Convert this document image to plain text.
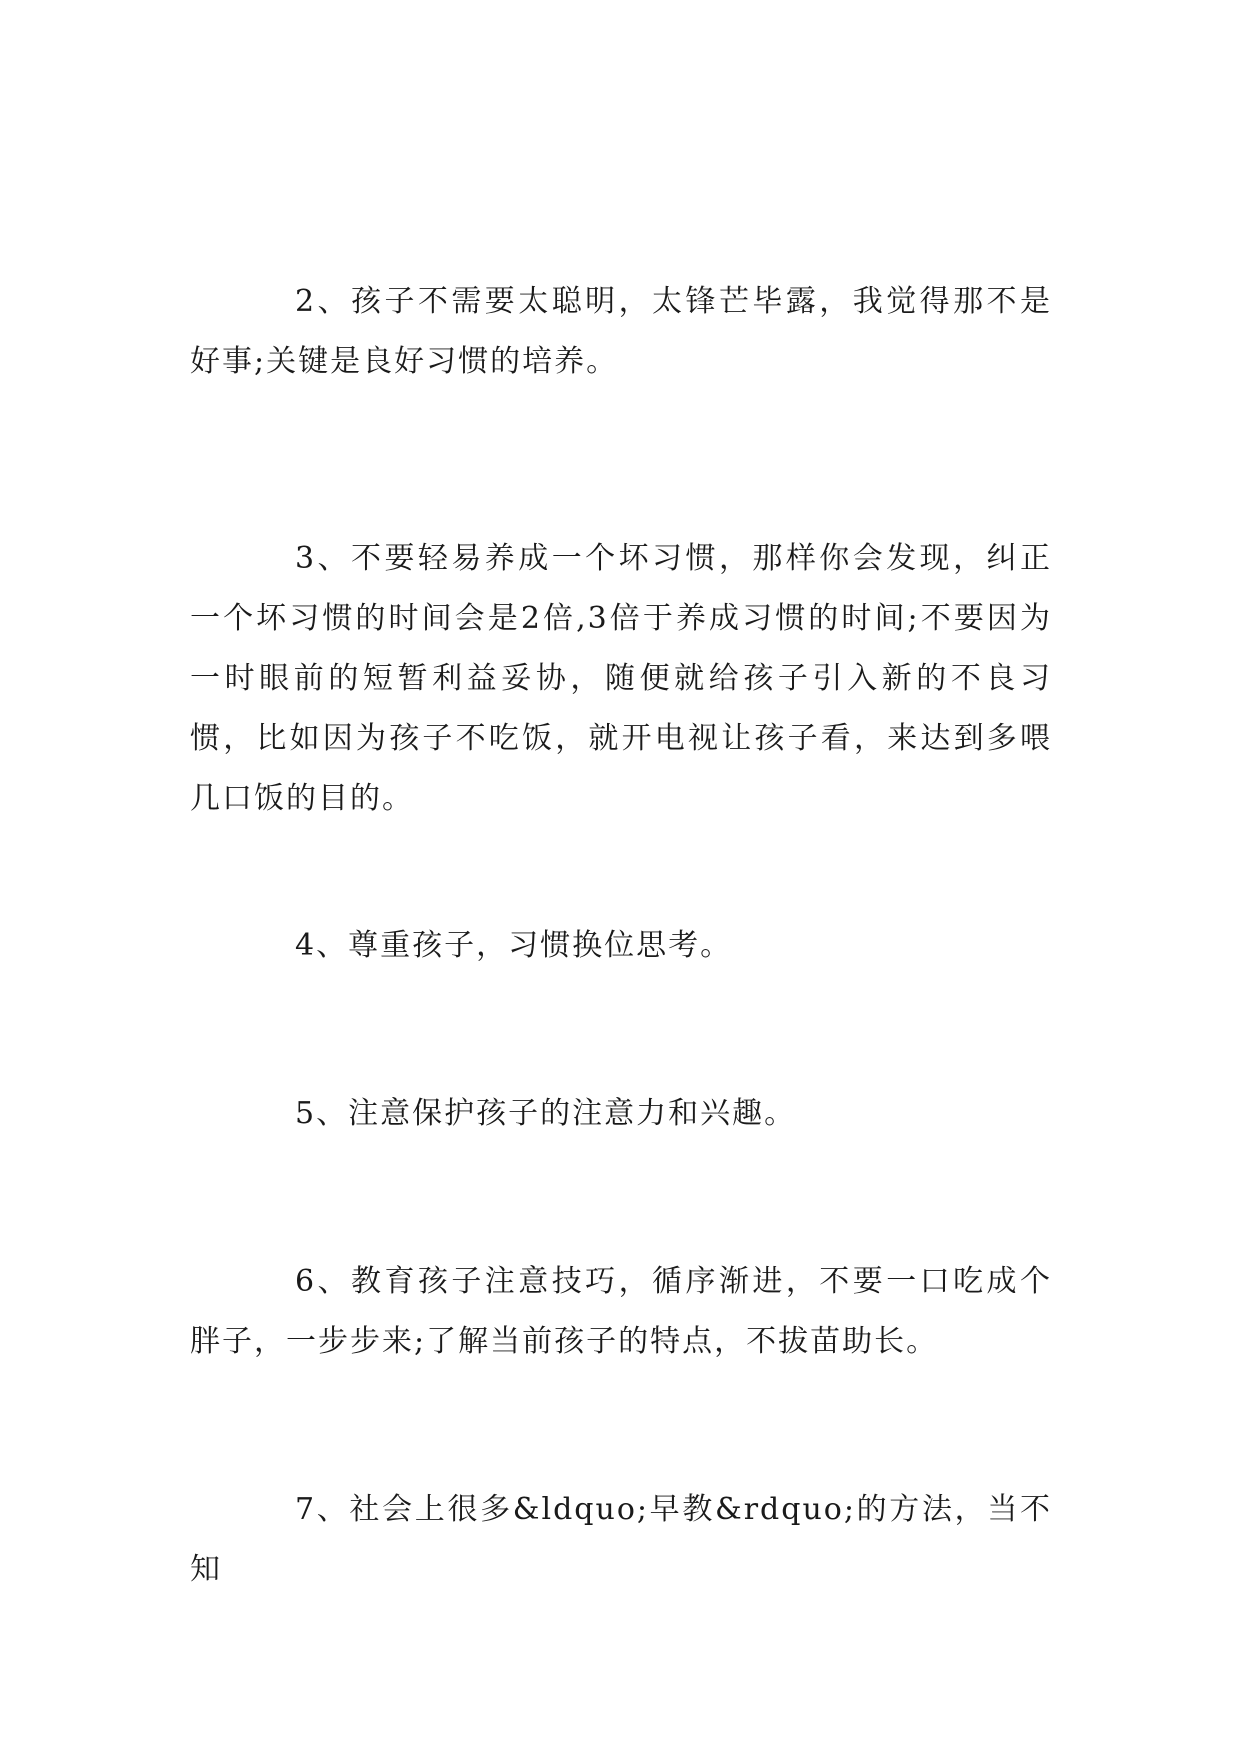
2、孩子不需要太聪明，太锋芒毕露，我觉得那不是好事;关键是良好习惯的培养。

3、不要轻易养成一个坏习惯，那样你会发现，纠正一个坏习惯的时间会是2倍,3倍于养成习惯的时间;不要因为一时眼前的短暂利益妥协，随便就给孩子引入新的不良习惯，比如因为孩子不吃饭，就开电视让孩子看，来达到多喂几口饭的目的。

4、尊重孩子，习惯换位思考。

5、注意保护孩子的注意力和兴趣。

6、教育孩子注意技巧，循序渐进，不要一口吃成个胖子，一步步来;了解当前孩子的特点，不拔苗助长。

7、社会上很多&ldquo;早教&rdquo;的方法，当不知
